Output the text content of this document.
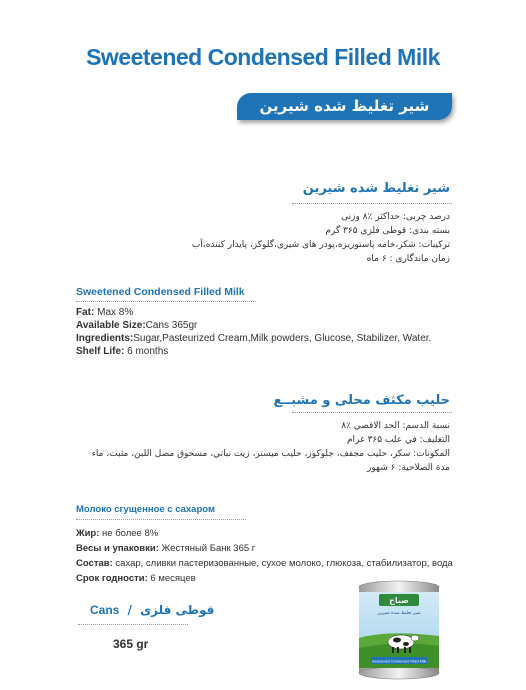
Sweetened Condensed Filled Milk
شیر تغلیظ شده شیرین
شیر تغلیظ شده شیرین
درصد چربی: حداکثر ٪۸ وزنی
بسته بندی: قوطی فلزی ۳۶۵ گرم
ترکیبات: شکر،خامه پاستوریزه،پودر های شیری،گلوکز، پایدار کننده،آب
زمان ماندگاری : ۶ ماه
Sweetened Condensed Filled Milk
Fat: Max 8%
Available Size:Cans 365gr
Ingredients:Sugar,Pasteurized Cream,Milk powders, Glucose, Stabilizer, Water.
Shelf Life: 6 months
حليب مكثف محلى و مشبــع
نسبة الدسم: الحد الاقصي ٪۸
التغليف: في علب ۳۶۵ غرام
المكونات: سكر، حليب مجفف، جلوكوز، حليب ميستر، زيت نباتي، مسحوق مصل اللبن، مثبت، ماء
مدة الصلاحية: ۶ شهور
Молоко сгущенное с сахаром
Жир: не более 8%
Весы и упаковки: Жестяный Банк 365 г
Состав: сахар, сливки пастеризованные, сухое молоко, глюкоза, стабилизатор, вода
Срок годности: 6 месяцев
Cans / قوطی فلزی
365 gr
صباح
شیر تغلیظ شده شیرین
Sweetened Condensed Filled Milk
